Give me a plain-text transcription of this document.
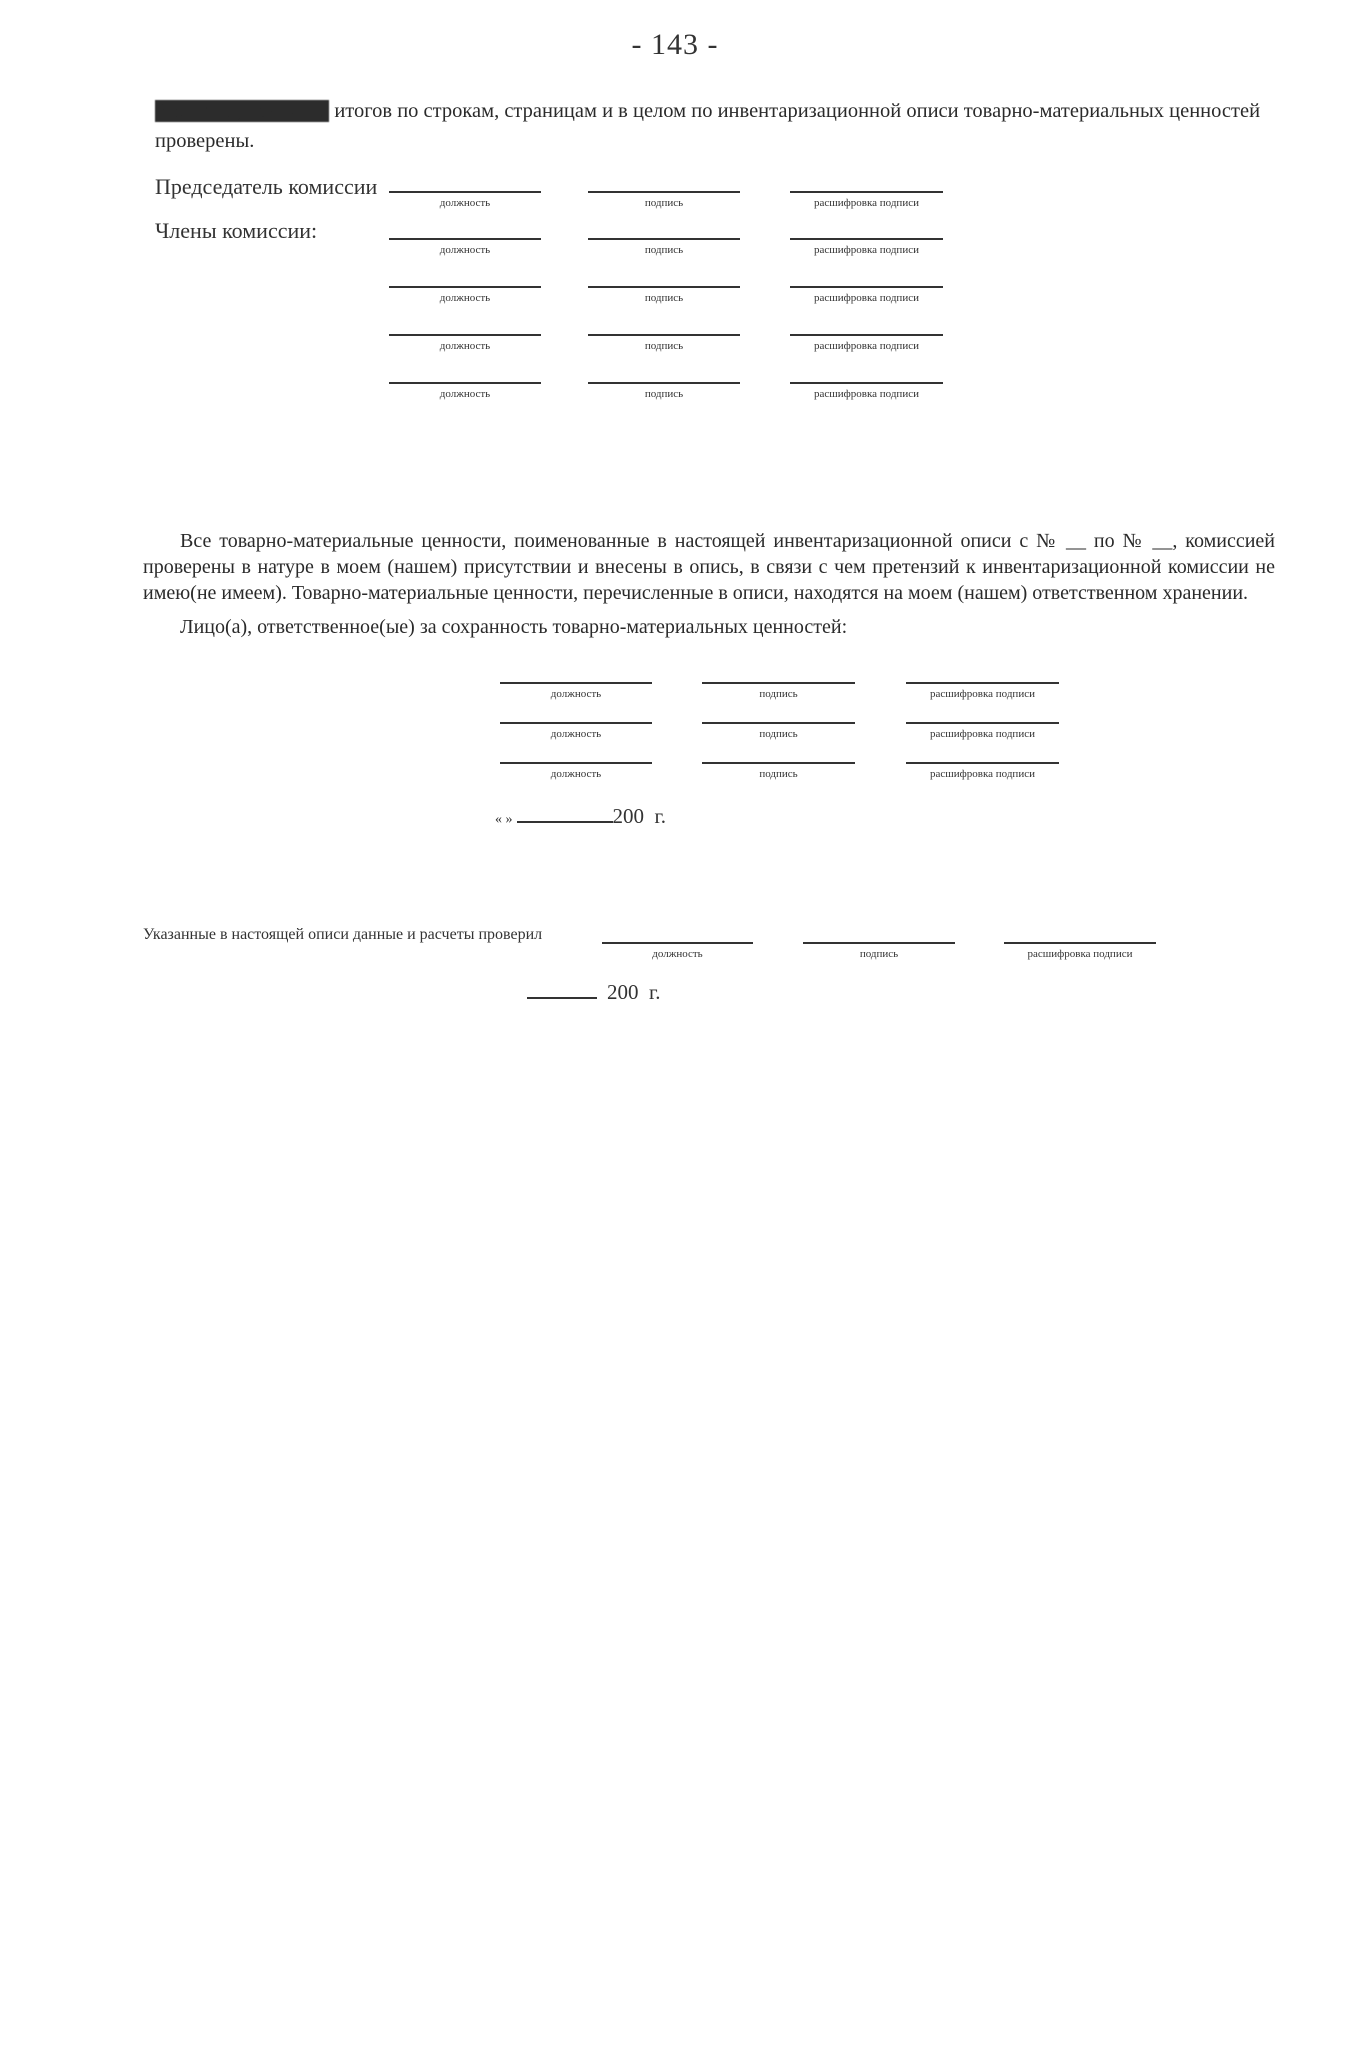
- 143 -
Все цены, подсчеты итогов по строкам, страницам и в целом по инвентаризационной описи товарно-материальных ценностей
проверены.
Председатель комиссии
Члены комиссии:
должность	подпись	расшифровка подписи
должность	подпись	расшифровка подписи
должность	подпись	расшифровка подписи
должность	подпись	расшифровка подписи
должность	подпись	расшифровка подписи
Все товарно-материальные ценности, поименованные в настоящей инвентаризационной описи с № __ по № __, комиссией проверены в натуре в моем (нашем) присутствии и внесены в опись, в связи с чем претензий к инвентаризационной комиссии не имею(не имеем). Товарно-материальные ценности, перечисленные в описи, находятся на моем (нашем) ответственном хранении.
Лицо(а), ответственное(ые) за сохранность товарно-материальных ценностей:
должность	подпись	расшифровка подписи
должность	подпись	расшифровка подписи
должность	подпись	расшифровка подписи
« »	200 г.
Указанные в настоящей описи данные и расчеты проверил
должность	подпись	расшифровка подписи
200 г.
